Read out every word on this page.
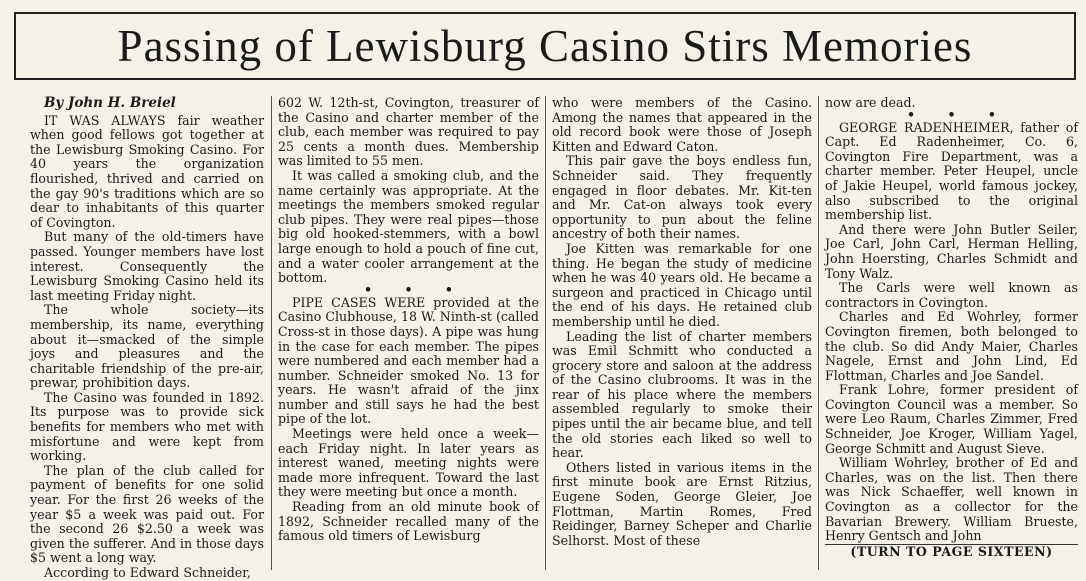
Passing of Lewisburg Casino Stirs Memories

By John H. Breiel

IT WAS ALWAYS fair weather when good fellows got together at the Lewisburg Smoking Casino. For 40 years the organization flourished, thrived and carried on the gay 90's traditions which are so dear to inhabitants of this quarter of Covington.

But many of the old-timers have passed. Younger members have lost interest. Consequently the Lewisburg Smoking Casino held its last meeting Friday night.

The whole society—its membership, its name, everything about it—smacked of the simple joys and pleasures and the charitable friendship of the pre-air, prewar, prohibition days.

The Casino was founded in 1892. Its purpose was to provide sick benefits for members who met with misfortune and were kept from working.

The plan of the club called for payment of benefits for one solid year. For the first 26 weeks of the year $5 a week was paid out. For the second 26 $2.50 a week was given the sufferer. And in those days $5 went a long way.

According to Edward Schneider,

602 W. 12th-st, Covington, treasurer of the Casino and charter member of the club, each member was required to pay 25 cents a month dues. Membership was limited to 55 men.

It was called a smoking club, and the name certainly was appropriate. At the meetings the members smoked regular club pipes. They were real pipes—those big old hooked-stemmers, with a bowl large enough to hold a pouch of fine cut, and a water cooler arrangement at the bottom.

• • •

PIPE CASES WERE provided at the Casino Clubhouse, 18 W. Ninth-st (called Cross-st in those days). A pipe was hung in the case for each member. The pipes were numbered and each member had a number. Schneider smoked No. 13 for years. He wasn't afraid of the jinx number and still says he had the best pipe of the lot.

Meetings were held once a week—each Friday night. In later years as interest waned, meeting nights were made more infrequent. Toward the last they were meeting but once a month.

Reading from an old minute book of 1892, Schneider recalled many of the famous old timers of Lewisburg

who were members of the Casino. Among the names that appeared in the old record book were those of Joseph Kitten and Edward Caton.

This pair gave the boys endless fun, Schneider said. They frequently engaged in floor debates. Mr. Kit-ten and Mr. Cat-on always took every opportunity to pun about the feline ancestry of both their names.

Joe Kitten was remarkable for one thing. He began the study of medicine when he was 40 years old. He became a surgeon and practiced in Chicago until the end of his days. He retained club membership until he died.

Leading the list of charter members was Emil Schmitt who conducted a grocery store and saloon at the address of the Casino clubrooms. It was in the rear of his place where the members assembled regularly to smoke their pipes until the air became blue, and tell the old stories each liked so well to hear.

Others listed in various items in the first minute book are Ernst Ritzius, Eugene Soden, George Gleier, Joe Flottman, Martin Romes, Fred Reidinger, Barney Scheper and Charlie Selhorst. Most of these

now are dead.

• • •

GEORGE RADENHEIMER, father of Capt. Ed Radenheimer, Co. 6, Covington Fire Department, was a charter member. Peter Heupel, uncle of Jakie Heupel, world famous jockey, also subscribed to the original membership list.

And there were John Butler Seiler, Joe Carl, John Carl, Herman Helling, John Hoersting, Charles Schmidt and Tony Walz.

The Carls were well known as contractors in Covington.

Charles and Ed Wohrley, former Covington firemen, both belonged to the club. So did Andy Maier, Charles Nagele, Ernst and John Lind, Ed Flottman, Charles and Joe Sandel.

Frank Lohre, former president of Covington Council was a member. So were Leo Raum, Charles Zimmer, Fred Schneider, Joe Kroger, William Yagel, George Schmitt and August Sieve.

William Wohrley, brother of Ed and Charles, was on the list. Then there was Nick Schaeffer, well known in Covington as a collector for the Bavarian Brewery. William Brueste, Henry Gentsch and John

(TURN TO PAGE SIXTEEN)
